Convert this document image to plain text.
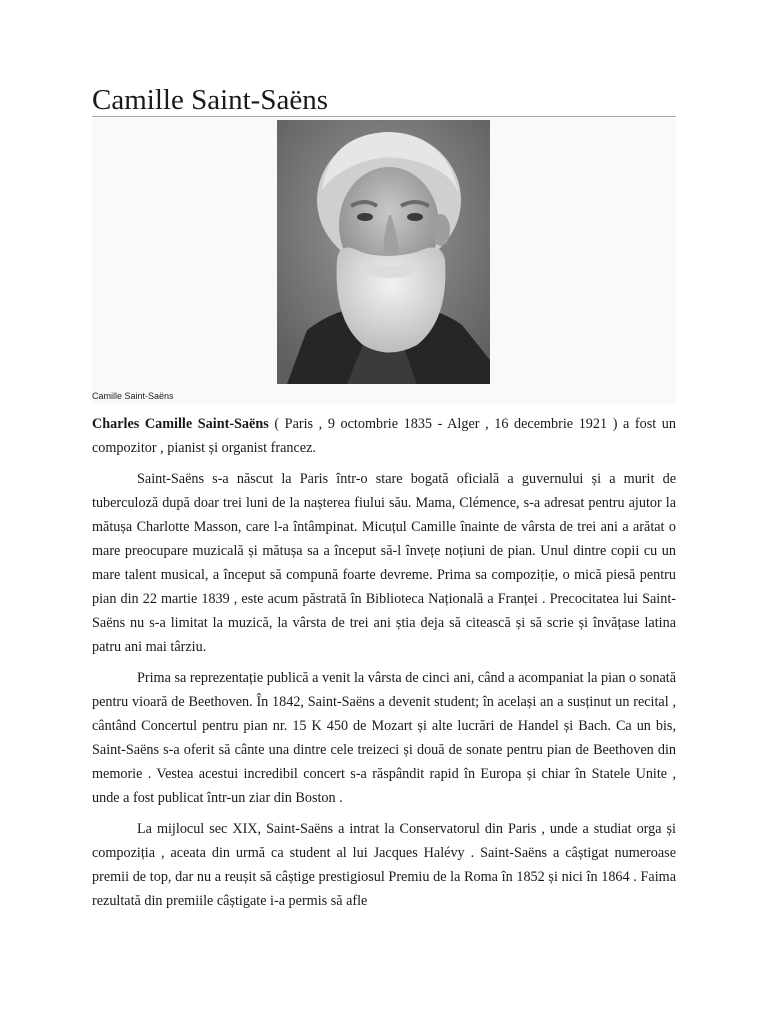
Camille Saint-Saëns
Camille Saint-Saëns

Charles Camille Saint-Saëns ( Paris , 9 octombrie 1835 - Alger , 16 decembrie 1921 ) a fost un compozitor , pianist și organist francez.

Saint-Saëns s-a născut la Paris într-o stare bogată oficială a guvernului și a murit de tuberculoză după doar trei luni de la nașterea fiului său. Mama, Clémence, s-a adresat pentru ajutor la mătușa Charlotte Masson, care l-a întâmpinat. Micuțul Camille înainte de vârsta de trei ani a arătat o mare preocupare muzicală și mătușa sa a început să-l învețe noțiuni de pian. Unul dintre copii cu un mare talent musical, a început să compună foarte devreme. Prima sa compoziție, o mică piesă pentru pian din 22 martie 1839 , este acum păstrată în Biblioteca Națională a Franței . Precocitatea lui Saint-Saëns nu s-a limitat la muzică, la vârsta de trei ani știa deja să citească și să scrie și învățase latina patru ani mai târziu.

Prima sa reprezentație publică a venit la vârsta de cinci ani, când a acompaniat la pian o sonată pentru vioară de Beethoven. În 1842, Saint-Saëns a devenit student; în același an a susținut un recital , cântând Concertul pentru pian nr. 15 K 450 de Mozart și alte lucrări de Handel și Bach. Ca un bis, Saint-Saëns s-a oferit să cânte una dintre cele treizeci și două de sonate pentru pian de Beethoven din memorie . Vestea acestui incredibil concert s-a răspândit rapid în Europa și chiar în Statele Unite , unde a fost publicat într-un ziar din Boston .

La mijlocul sec XIX, Saint-Saëns a intrat la Conservatorul din Paris , unde a studiat orga și compoziția , aceata din urmă ca student al lui Jacques Halévy . Saint-Saëns a câștigat numeroase premii de top, dar nu a reușit să câștige prestigiosul Premiu de la Roma în 1852 și nici în 1864 . Faima rezultată din premiile câștigate i-a permis să afle
